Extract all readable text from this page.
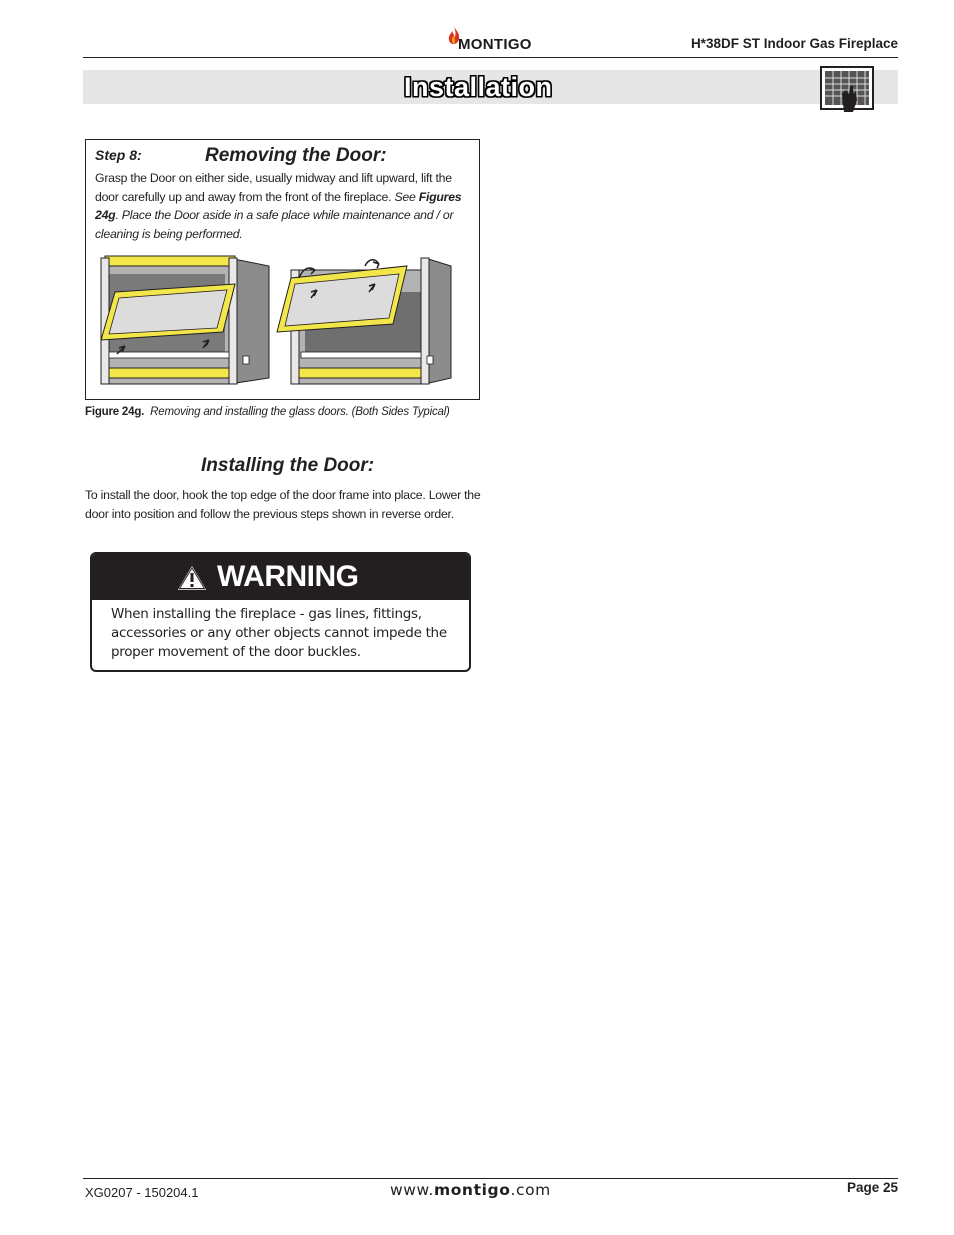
MONTIGO	H*38DF ST Indoor Gas Fireplace
Installation
Step 8:	Removing the Door:
Grasp the Door on either side, usually midway and lift upward, lift the door carefully up and away from the front of the fireplace. See Figures 24g. Place the Door aside in a safe place while maintenance and / or cleaning is being performed.
Figure 24g. Removing and installing the glass doors. (Both Sides Typical)
Installing the Door:
To install the door, hook the top edge of the door frame into place. Lower the door into position and follow the previous steps shown in reverse order.
WARNING
When installing the fireplace - gas lines, fittings, accessories or any other objects cannot impede the proper movement of the door buckles.
XG0207 - 150204.1	www.montigo.com	Page 25
